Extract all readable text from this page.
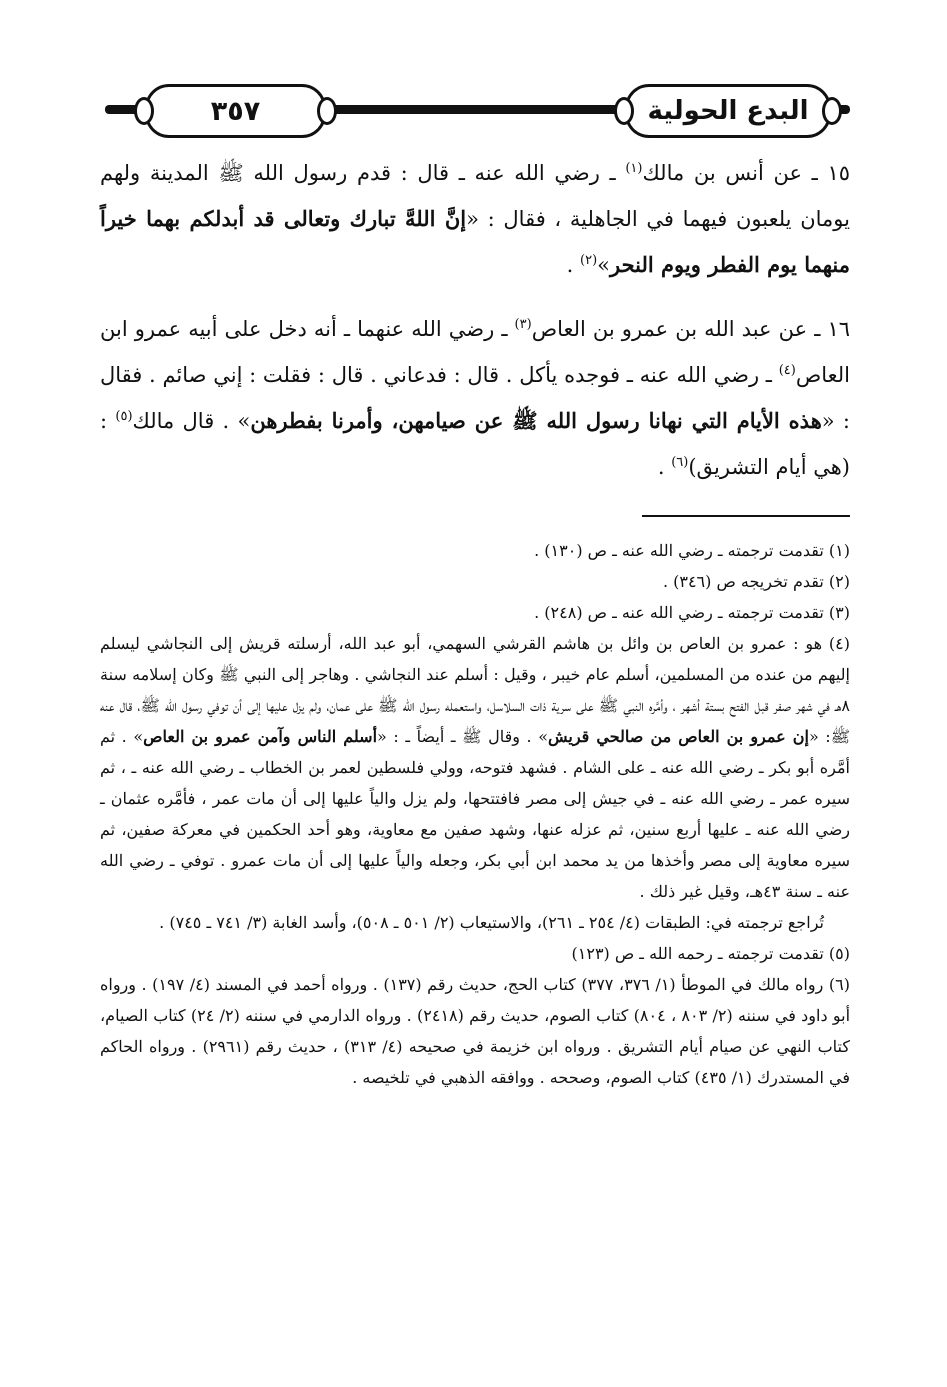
٣٥٧	البدع الحولية

١٥ ـ عن أنس بن مالك$^{(١)}$ ـ رضي الله عنه ـ قال : قدم رسول الله ﷺ المدينة ولهم يومان يلعبون فيهما في الجاهلية ، فقال : «إنَّ اللهَّ تبارك وتعالى قد أبدلكم بهما خيراً منهما يوم الفطر ويوم النحر»$^{(٢)}$ .

١٦ ـ عن عبد الله بن عمرو بن العاص$^{(٣)}$ ـ رضي الله عنهما ـ أنه دخل على أبيه عمرو ابن العاص$^{(٤)}$ ـ رضي الله عنه ـ فوجده يأكل . قال : فدعاني . قال : فقلت : إني صائم . فقال : «هذه الأيام التي نهانا رسول الله ﷺ عن صيامهن، وأمرنا بفطرهن» . قال مالك$^{(٥)}$ : (هي أيام التشريق)$^{(٦)}$ .

(١) تقدمت ترجمته ـ رضي الله عنه ـ ص (١٣٠) .

(٢) تقدم تخريجه ص (٣٤٦) .

(٣) تقدمت ترجمته ـ رضي الله عنه ـ ص (٢٤٨) .

(٤) هو : عمرو بن العاص بن وائل بن هاشم القرشي السهمي، أبو عبد الله، أرسلته قريش إلى النجاشي ليسلم إليهم من عنده من المسلمين، أسلم عام خيبر ، وقيل : أسلم عند النجاشي . وهاجر إلى النبي ﷺ وكان إسلامه سنة ٨هـ في شهر صفر قبل الفتح بستة أشهر ، وأمَّره النبي ﷺ على سرية ذات السلاسل، واستعمله رسول الله ﷺ على عمان، ولم يزل عليها إلى أن توفي رسول الله ﷺ، قال عنه ﷺ: «إن عمرو بن العاص من صالحي قريش» . وقال ﷺ ـ أيضاً ـ : «أسلم الناس وآمن عمرو بن العاص» . ثم أمَّره أبو بكر ـ رضي الله عنه ـ على الشام . فشهد فتوحه، وولي فلسطين لعمر بن الخطاب ـ رضي الله عنه ـ ، ثم سيره عمر ـ رضي الله عنه ـ في جيش إلى مصر فافتتحها، ولم يزل والياً عليها إلى أن مات عمر ، فأمَّره عثمان ـ رضي الله عنه ـ عليها أربع سنين، ثم عزله عنها، وشهد صفين مع معاوية، وهو أحد الحكمين في معركة صفين، ثم سيره معاوية إلى مصر وأخذها من يد محمد ابن أبي بكر، وجعله والياً عليها إلى أن مات عمرو . توفي ـ رضي الله عنه ـ سنة ٤٣هـ، وقيل غير ذلك .
تُراجع ترجمته في: الطبقات (٤/ ٢٥٤ ـ ٢٦١)، والاستيعاب (٢/ ٥٠١ ـ ٥٠٨)، وأسد الغابة (٣/ ٧٤١ ـ ٧٤٥) .

(٥) تقدمت ترجمته ـ رحمه الله ـ ص (١٢٣)

(٦) رواه مالك في الموطأ (١/ ٣٧٦، ٣٧٧) كتاب الحج، حديث رقم (١٣٧) . ورواه أحمد في المسند (٤/ ١٩٧) . ورواه أبو داود في سننه (٢/ ٨٠٣ ، ٨٠٤) كتاب الصوم، حديث رقم (٢٤١٨) . ورواه الدارمي في سننه (٢/ ٢٤) كتاب الصيام، كتاب النهي عن صيام أيام التشريق . ورواه ابن خزيمة في صحيحه (٤/ ٣١٣) ، حديث رقم (٢٩٦١) . ورواه الحاكم في المستدرك (١/ ٤٣٥) كتاب الصوم، وصححه . ووافقه الذهبي في تلخيصه .
